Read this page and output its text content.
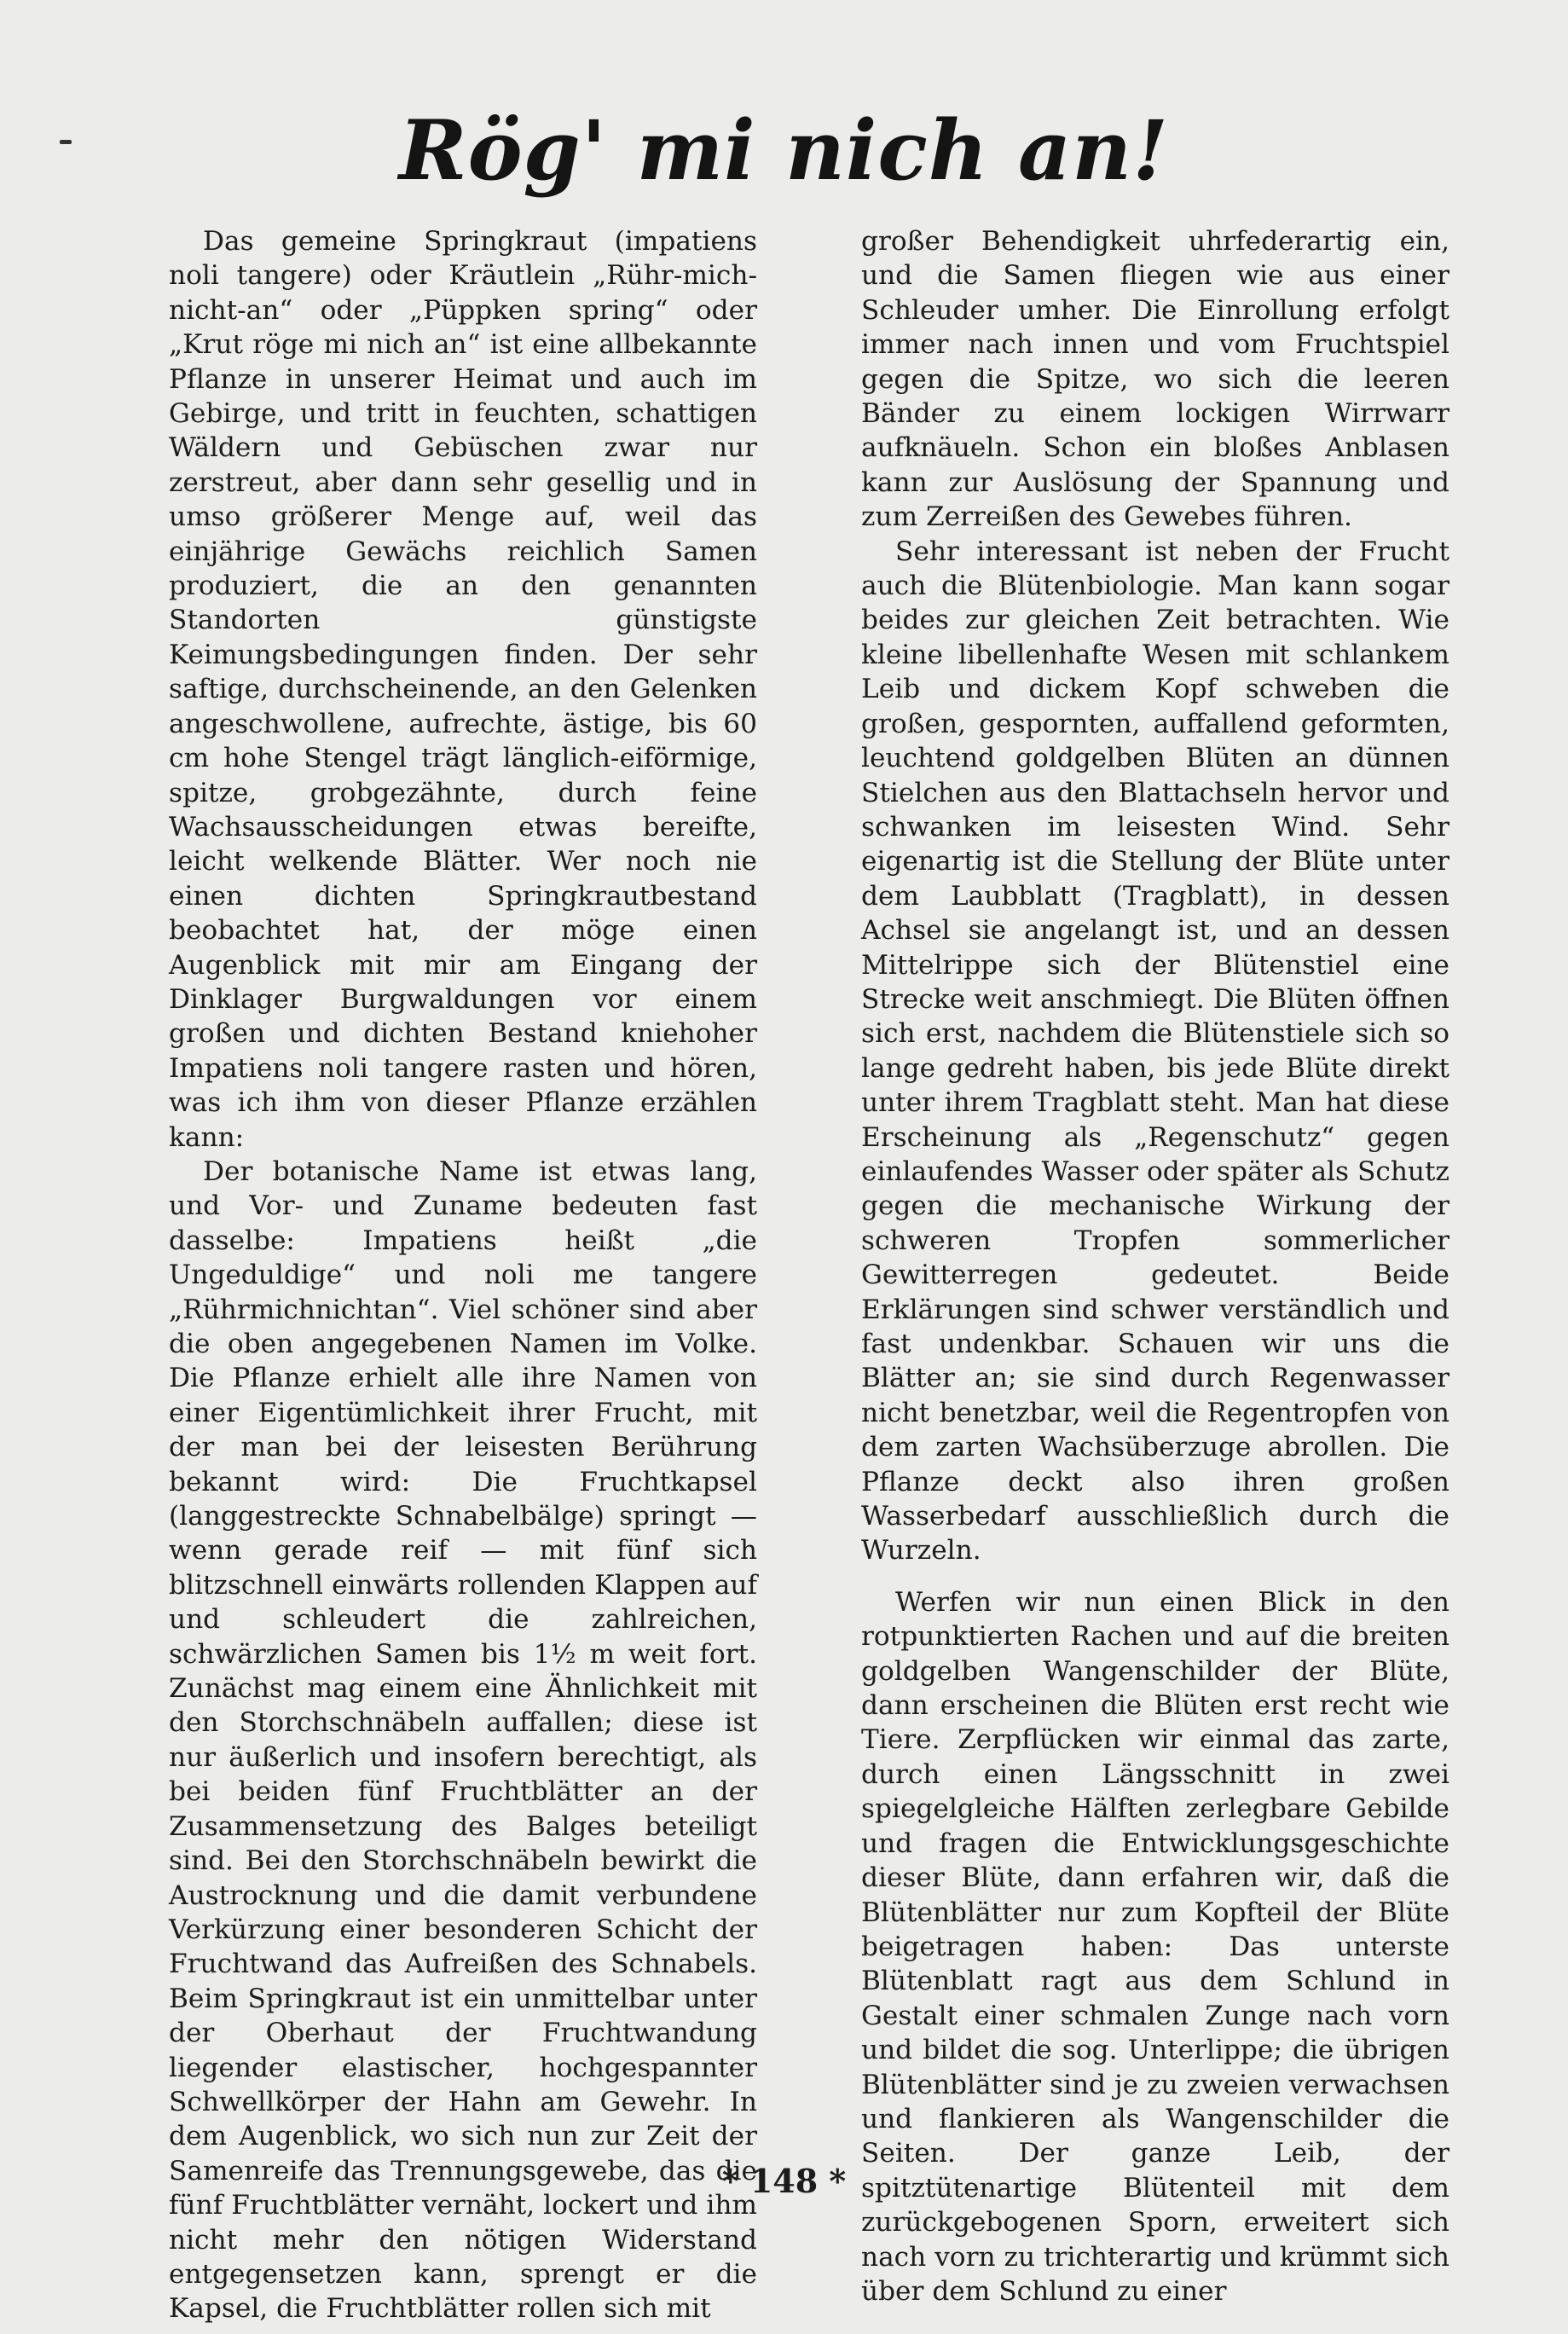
Rög' mi nich an!

Das gemeine Springkraut (impatiens noli tangere) oder Kräutlein „Rühr-mich-nicht-an“ oder „Püppken spring“ oder „Krut röge mi nich an“ ist eine allbekannte Pflanze in unserer Heimat und auch im Gebirge, und tritt in feuchten, schattigen Wäldern und Gebüschen zwar nur zerstreut, aber dann sehr gesellig und in umso größerer Menge auf, weil das einjährige Gewächs reichlich Samen produziert, die an den genannten Standorten günstigste Keimungsbedingungen finden. Der sehr saftige, durchscheinende, an den Gelenken angeschwollene, aufrechte, ästige, bis 60 cm hohe Stengel trägt länglich-eiförmige, spitze, grobgezähnte, durch feine Wachsausscheidungen etwas bereifte, leicht welkende Blätter. Wer noch nie einen dichten Springkrautbestand beobachtet hat, der möge einen Augenblick mit mir am Eingang der Dinklager Burgwaldungen vor einem großen und dichten Bestand kniehoher Impatiens noli tangere rasten und hören, was ich ihm von dieser Pflanze erzählen kann:

Der botanische Name ist etwas lang, und Vor- und Zuname bedeuten fast dasselbe: Impatiens heißt „die Ungeduldige“ und noli me tangere „Rührmichnichtan“. Viel schöner sind aber die oben angegebenen Namen im Volke. Die Pflanze erhielt alle ihre Namen von einer Eigentümlichkeit ihrer Frucht, mit der man bei der leisesten Berührung bekannt wird: Die Fruchtkapsel (langgestreckte Schnabelbälge) springt — wenn gerade reif — mit fünf sich blitzschnell einwärts rollenden Klappen auf und schleudert die zahlreichen, schwärzlichen Samen bis 1½ m weit fort. Zunächst mag einem eine Ähnlichkeit mit den Storchschnäbeln auffallen; diese ist nur äußerlich und insofern berechtigt, als bei beiden fünf Fruchtblätter an der Zusammensetzung des Balges beteiligt sind. Bei den Storchschnäbeln bewirkt die Austrocknung und die damit verbundene Verkürzung einer besonderen Schicht der Fruchtwand das Aufreißen des Schnabels. Beim Springkraut ist ein unmittelbar unter der Oberhaut der Fruchtwandung liegender elastischer, hochgespannter Schwellkörper der Hahn am Gewehr. In dem Augenblick, wo sich nun zur Zeit der Samenreife das Trennungsgewebe, das die fünf Fruchtblätter vernäht, lockert und ihm nicht mehr den nötigen Widerstand entgegensetzen kann, sprengt er die Kapsel, die Fruchtblätter rollen sich mit

großer Behendigkeit uhrfederartig ein, und die Samen fliegen wie aus einer Schleuder umher. Die Einrollung erfolgt immer nach innen und vom Fruchtspiel gegen die Spitze, wo sich die leeren Bänder zu einem lockigen Wirrwarr aufknäueln. Schon ein bloßes Anblasen kann zur Auslösung der Spannung und zum Zerreißen des Gewebes führen.

Sehr interessant ist neben der Frucht auch die Blütenbiologie. Man kann sogar beides zur gleichen Zeit betrachten. Wie kleine libellenhafte Wesen mit schlankem Leib und dickem Kopf schweben die großen, gespornten, auffallend geformten, leuchtend goldgelben Blüten an dünnen Stielchen aus den Blattachseln hervor und schwanken im leisesten Wind. Sehr eigenartig ist die Stellung der Blüte unter dem Laubblatt (Tragblatt), in dessen Achsel sie angelangt ist, und an dessen Mittelrippe sich der Blütenstiel eine Strecke weit anschmiegt. Die Blüten öffnen sich erst, nachdem die Blütenstiele sich so lange gedreht haben, bis jede Blüte direkt unter ihrem Tragblatt steht. Man hat diese Erscheinung als „Regenschutz“ gegen einlaufendes Wasser oder später als Schutz gegen die mechanische Wirkung der schweren Tropfen sommerlicher Gewitterregen gedeutet. Beide Erklärungen sind schwer verständlich und fast undenkbar. Schauen wir uns die Blätter an; sie sind durch Regenwasser nicht benetzbar, weil die Regentropfen von dem zarten Wachsüberzuge abrollen. Die Pflanze deckt also ihren großen Wasserbedarf ausschließlich durch die Wurzeln.

Werfen wir nun einen Blick in den rotpunktierten Rachen und auf die breiten goldgelben Wangenschilder der Blüte, dann erscheinen die Blüten erst recht wie Tiere. Zerpflücken wir einmal das zarte, durch einen Längsschnitt in zwei spiegelgleiche Hälften zerlegbare Gebilde und fragen die Entwicklungsgeschichte dieser Blüte, dann erfahren wir, daß die Blütenblätter nur zum Kopfteil der Blüte beigetragen haben: Das unterste Blütenblatt ragt aus dem Schlund in Gestalt einer schmalen Zunge nach vorn und bildet die sog. Unterlippe; die übrigen Blütenblätter sind je zu zweien verwachsen und flankieren als Wangenschilder die Seiten. Der ganze Leib, der spitztütenartige Blütenteil mit dem zurückgebogenen Sporn, erweitert sich nach vorn zu trichterartig und krümmt sich über dem Schlund zu einer

* 148 *
